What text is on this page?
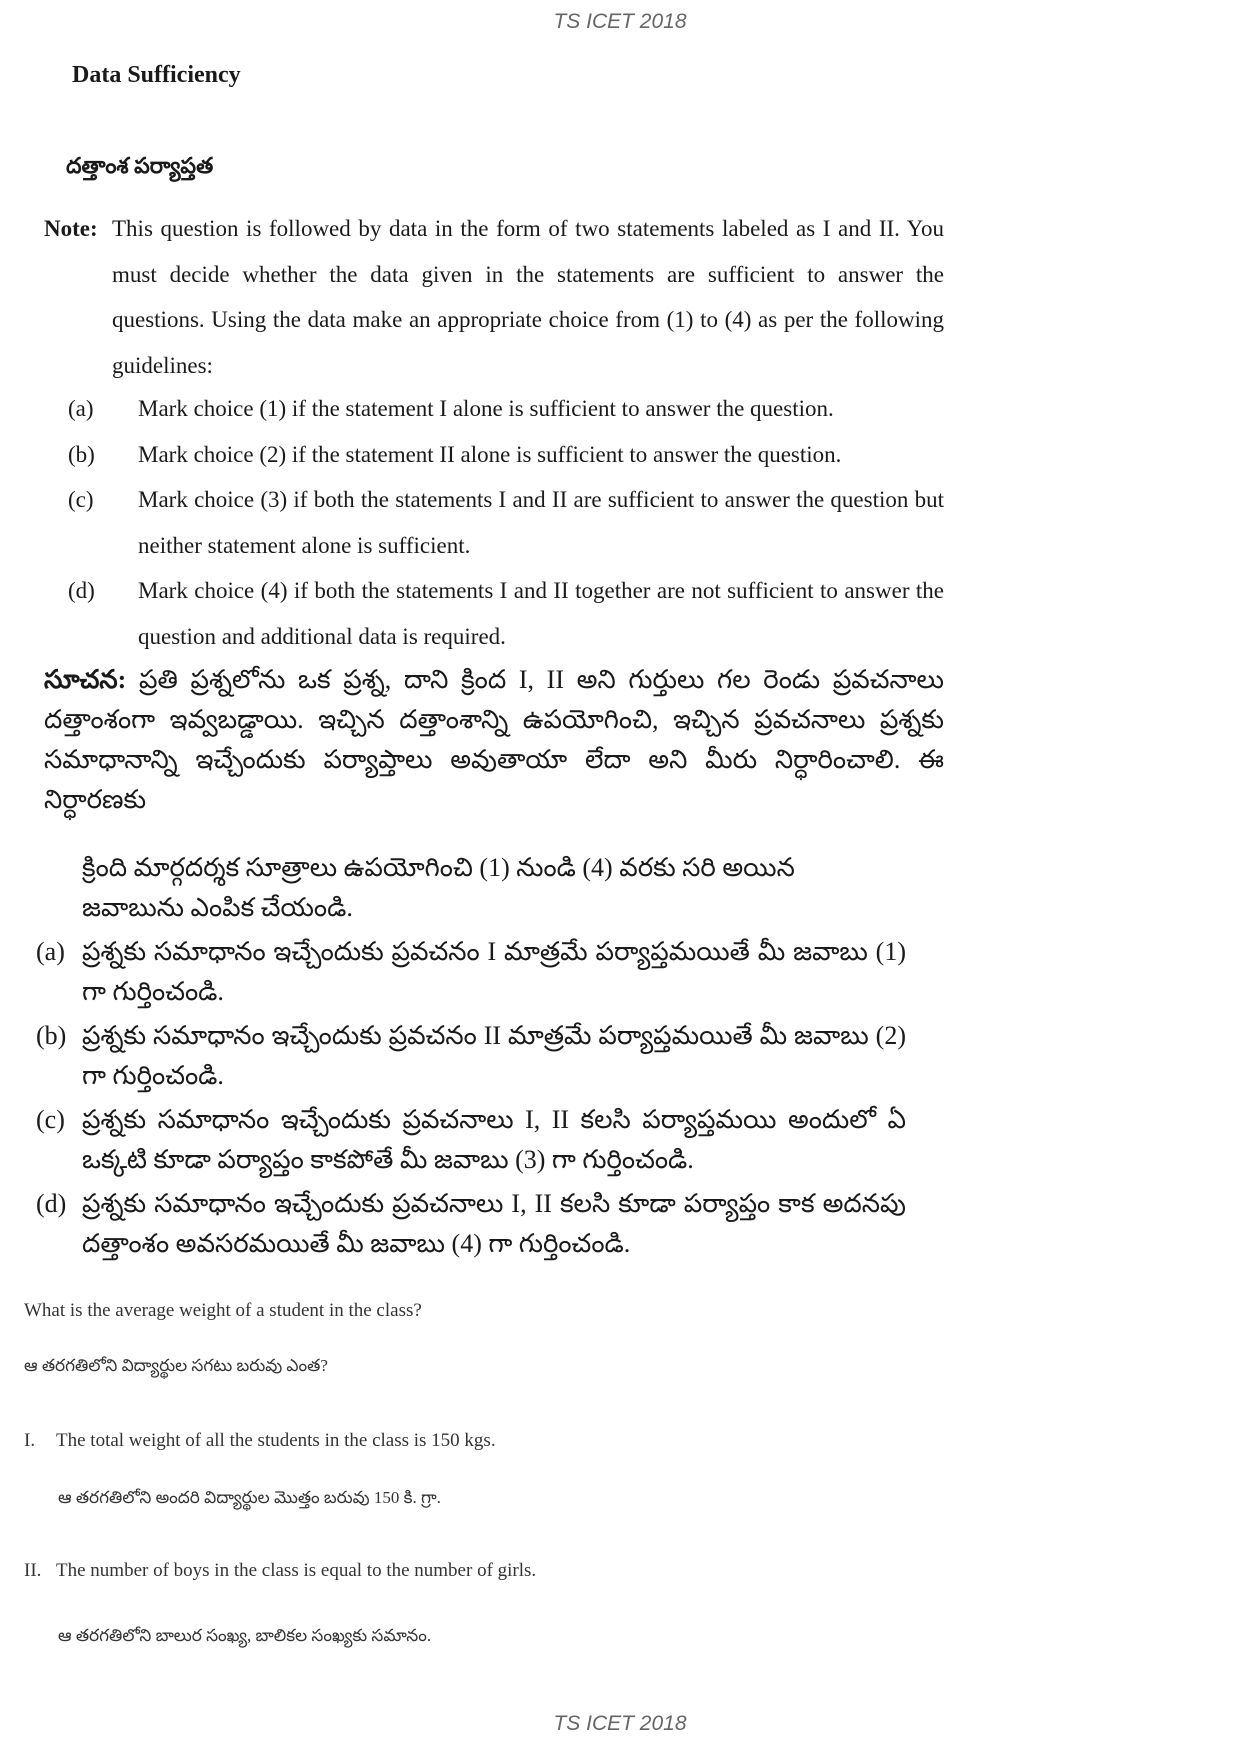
TS ICET 2018
Data Sufficiency
దత్తాంశ పర్యాప్తత
Note: This question is followed by data in the form of two statements labeled as I and II. You must decide whether the data given in the statements are sufficient to answer the questions. Using the data make an appropriate choice from (1) to (4) as per the following guidelines:
(a)	Mark choice (1) if the statement I alone is sufficient to answer the question.
(b)	Mark choice (2) if the statement II alone is sufficient to answer the question.
(c)	Mark choice (3) if both the statements I and II are sufficient to answer the question but neither statement alone is sufficient.
(d)	Mark choice (4) if both the statements I and II together are not sufficient to answer the question and additional data is required.
సూచన: ప్రతి ప్రశ్నలోను ఒక ప్రశ్న, దాని క్రింద I, II అని గుర్తులు గల రెండు ప్రవచనాలు దత్తాంశంగా ఇవ్వబడ్డాయి. ఇచ్చిన దత్తాంశాన్ని ఉపయోగించి, ఇచ్చిన ప్రవచనాలు ప్రశ్నకు సమాధానాన్ని ఇచ్చేందుకు పర్యాప్తాలు అవుతాయా లేదా అని మీరు నిర్ధారించాలి. ఈ నిర్ధారణకు
క్రింది మార్గదర్శక సూత్రాలు ఉపయోగించి (1) నుండి (4) వరకు సరి అయిన జవాబును ఎంపిక చేయండి.
(a) ప్రశ్నకు సమాధానం ఇచ్చేందుకు ప్రవచనం I మాత్రమే పర్యాప్తమయితే మీ జవాబు (1) గా గుర్తించండి.
(b) ప్రశ్నకు సమాధానం ఇచ్చేందుకు ప్రవచనం II మాత్రమే పర్యాప్తమయితే మీ జవాబు (2) గా గుర్తించండి.
(c) ప్రశ్నకు సమాధానం ఇచ్చేందుకు ప్రవచనాలు I, II కలసి పర్యాప్తమయి అందులో ఏ ఒక్కటి కూడా పర్యాప్తం కాకపోతే మీ జవాబు (3) గా గుర్తించండి.
(d) ప్రశ్నకు సమాధానం ఇచ్చేందుకు ప్రవచనాలు I, II కలసి కూడా పర్యాప్తం కాక అదనపు దత్తాంశం అవసరమయితే మీ జవాబు (4) గా గుర్తించండి.
What is the average weight of a student in the class?
ఆ తరగతిలోని విద్యార్థుల సగటు బరువు ఎంత?
I.	The total weight of all the students in the class is 150 kgs.
ఆ తరగతిలోని అందరి విద్యార్థుల మొత్తం బరువు 150 కి. గ్రా.
II. The number of boys in the class is equal to the number of girls.
ఆ తరగతిలోని బాలుర సంఖ్య, బాలికల సంఖ్యకు సమానం.
TS ICET 2018
